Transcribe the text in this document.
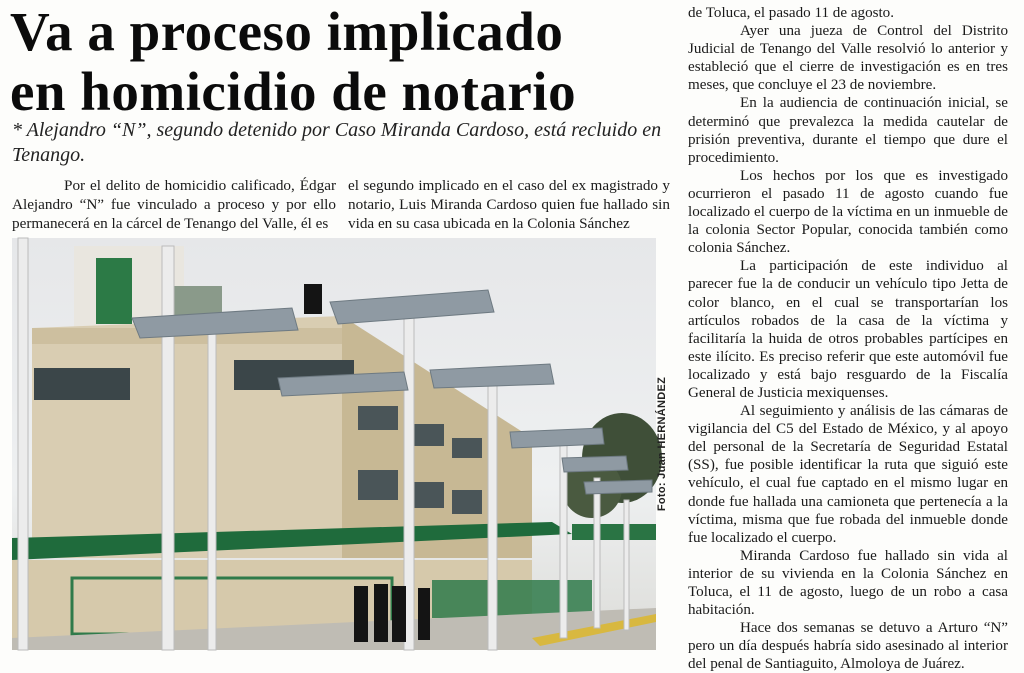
Va a proceso implicado
en homicidio de notario
* Alejandro “N”, segundo detenido por Caso Miranda Cardoso, está recluido en Tenango.

Por el delito de homicidio calificado, Édgar Alejandro “N” fue vinculado a proceso y por ello permanecerá en la cárcel de Tenango del Valle, él es

el segundo implicado en el caso del ex magistrado y notario, Luis Miranda Cardoso quien fue hallado sin vida en su casa ubicada en la Colonia Sánchez

de Toluca, el pasado 11 de agosto.

Ayer una jueza de Control del Distrito Judicial de Tenango del Valle resolvió lo anterior y estableció que el cierre de investigación es en tres meses, que concluye el 23 de noviembre.

En la audiencia de continuación inicial, se determinó que prevalezca la medida cautelar de prisión preventiva, durante el tiempo que dure el procedimiento.

Los hechos por los que es investigado ocurrieron el pasado 11 de agosto cuando fue localizado el cuerpo de la víctima en un inmueble de la colonia Sector Popular, conocida también como colonia Sánchez.

La participación de este individuo al parecer fue la de conducir un vehículo tipo Jetta de color blanco, en el cual se transportarían los artículos robados de la casa de la víctima y facilitaría la huida de otros probables partícipes en este ilícito. Es preciso referir que este automóvil fue localizado y está bajo resguardo de la Fiscalía General de Justicia mexiquenses.

Al seguimiento y análisis de las cámaras de vigilancia del C5 del Estado de México, y al apoyo del personal de la Secretaría de Seguridad Estatal (SS), fue posible identificar la ruta que siguió este vehículo, el cual fue captado en el mismo lugar en donde fue hallada una camioneta que pertenecía a la víctima, misma que fue robada del inmueble donde fue localizado el cuerpo.

Miranda Cardoso fue hallado sin vida al interior de su vivienda en la Colonia Sánchez en Toluca, el 11 de agosto, luego de un robo a casa habitación.

Hace dos semanas se detuvo a Arturo “N” pero un día después habría sido asesinado al interior del penal de Santiaguito, Almoloya de Juárez.

Foto: Juan HERNÁNDEZ
